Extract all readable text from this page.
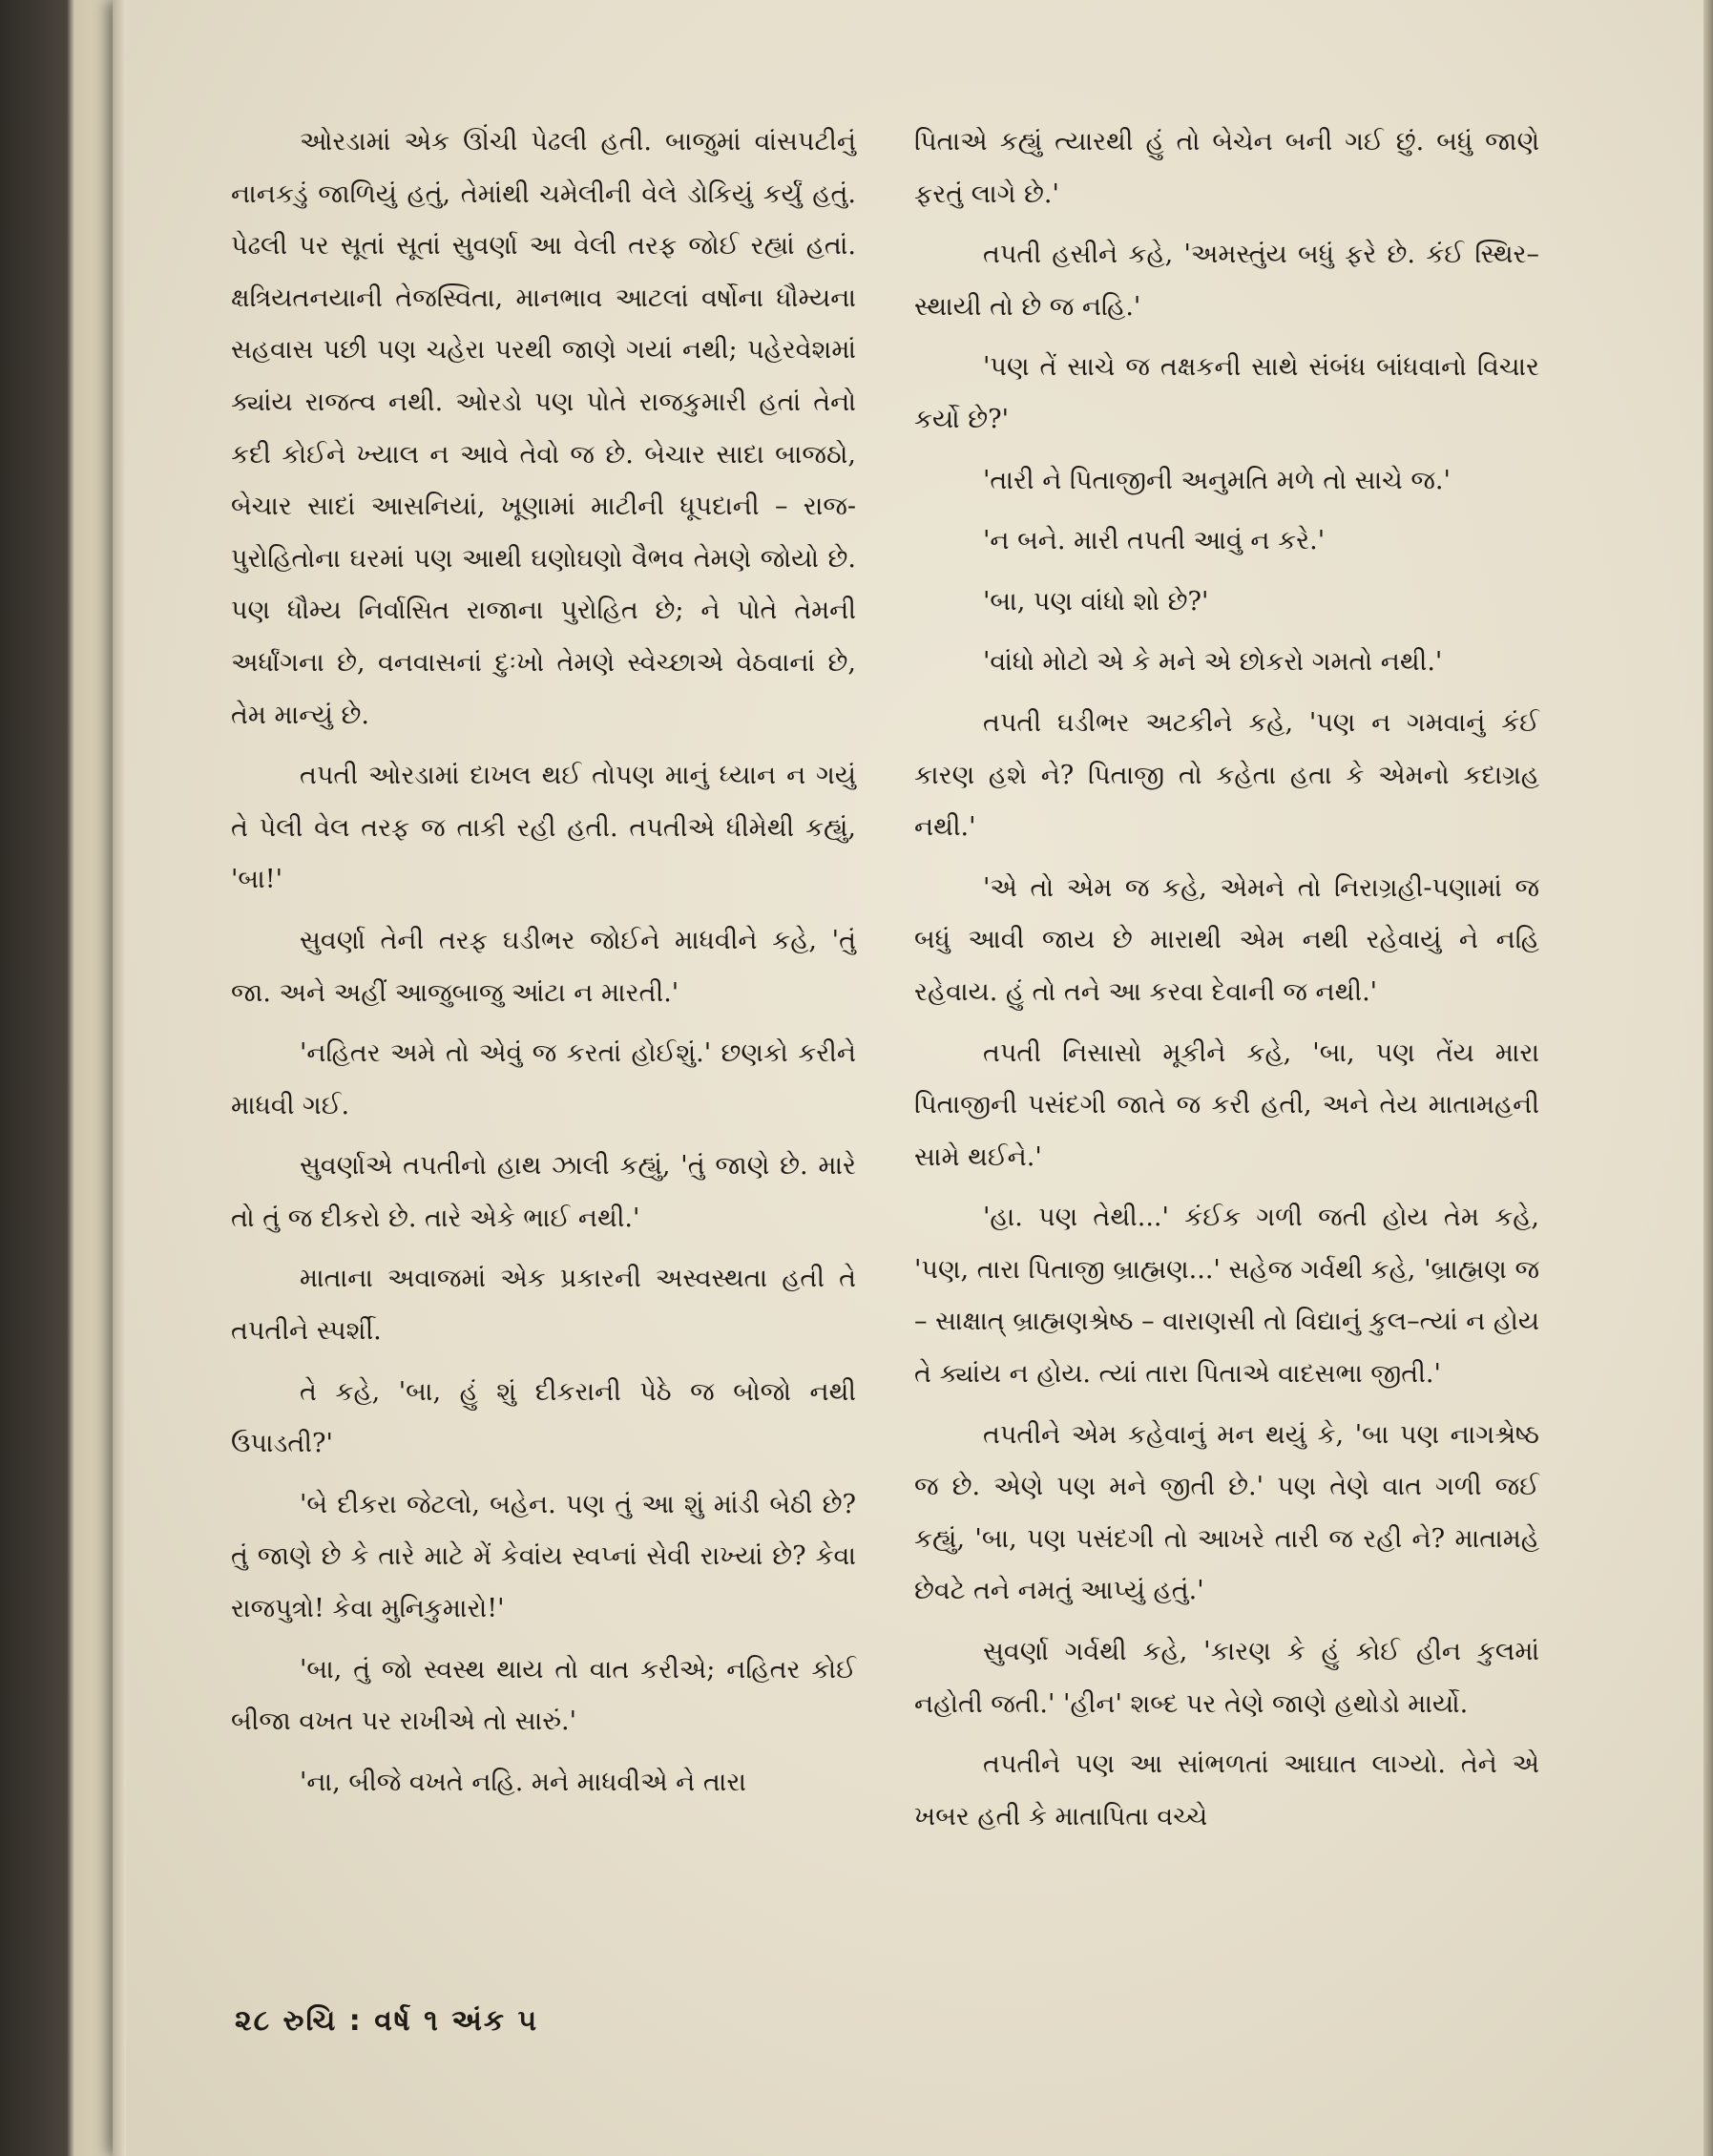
ઓરડામાં એક ઊંચી પેઢલી હતી. બાજુમાં વાંસપટીનું નાનકડું જાળિયું હતું, તેમાંથી ચમેલીની વેલે ડોકિયું કર્યું હતું. પેઢલી પર સૂતાં સૂતાં સુવર્ણા આ વેલી તરફ જોઈ રહ્યાં હતાં. ક્ષત્રિયતનયાની તેજસ્વિતા, માનભાવ આટલાં વર્ષોના ધૌમ્યના સહવાસ પછી પણ ચહેરા પરથી જાણે ગયાં નથી; પહેરવેશમાં ક્યાંય રાજત્વ નથી. ઓરડો પણ પોતે રાજકુમારી હતાં તેનો કદી કોઈને ખ્યાલ ન આવે તેવો જ છે. બેચાર સાદા બાજઠો, બેચાર સાદાં આસનિયાં, ખૂણામાં માટીની ધૂપદાની – રાજ-પુરોહિતોના ઘરમાં પણ આથી ઘણોઘણો વૈભવ તેમણે જોયો છે. પણ ધૌમ્ય નિર્વાસિત રાજાના પુરોહિત છે; ને પોતે તેમની અર્ધાંગના છે, વનવાસનાં દુઃખો તેમણે સ્વેચ્છાએ વેઠવાનાં છે, તેમ માન્યું છે.

તપતી ઓરડામાં દાખલ થઈ તોપણ માનું ધ્યાન ન ગયું તે પેલી વેલ તરફ જ તાકી રહી હતી. તપતીએ ધીમેથી કહ્યું, 'બા!'

સુવર્ણા તેની તરફ ઘડીભર જોઈને માધવીને કહે, 'તું જા. અને અહીં આજુબાજુ આંટા ન મારતી.'

'નહિતર અમે તો એવું જ કરતાં હોઈશું.' છણકો કરીને માધવી ગઈ.

સુવર્ણાએ તપતીનો હાથ ઝાલી કહ્યું, 'તું જાણે છે. મારે તો તું જ દીકરો છે. તારે એકે ભાઈ નથી.'

માતાના અવાજમાં એક પ્રકારની અસ્વસ્થતા હતી તે તપતીને સ્પર્શી.

તે કહે, 'બા, હું શું દીકરાની પેઠે જ બોજો નથી ઉપાડતી?'

'બે દીકરા જેટલો, બહેન. પણ તું આ શું માંડી બેઠી છે? તું જાણે છે કે તારે માટે મેં કેવાંય સ્વપ્નાં સેવી રાખ્યાં છે? કેવા રાજપુત્રો! કેવા મુનિકુમારો!'

'બા, તું જો સ્વસ્થ થાય તો વાત કરીએ; નહિતર કોઈ બીજા વખત પર રાખીએ તો સારું.'

'ના, બીજે વખતે નહિ. મને માધવીએ ને તારા

પિતાએ કહ્યું ત્યારથી હું તો બેચેન બની ગઈ છું. બધું જાણે ફરતું લાગે છે.'

તપતી હસીને કહે, 'અમસ્તુંય બધું ફરે છે. કંઈ સ્થિર–સ્થાયી તો છે જ નહિ.'

'પણ તેં સાચે જ તક્ષકની સાથે સંબંધ બાંધવાનો વિચાર કર્યો છે?'

'તારી ને પિતાજીની અનુમતિ મળે તો સાચે જ.'

'ન બને. મારી તપતી આવું ન કરે.'

'બા, પણ વાંધો શો છે?'

'વાંધો મોટો એ કે મને એ છોકરો ગમતો નથી.'

તપતી ઘડીભર અટકીને કહે, 'પણ ન ગમવાનું કંઈ કારણ હશે ને? પિતાજી તો કહેતા હતા કે એમનો કદાગ્રહ નથી.'

'એ તો એમ જ કહે, એમને તો નિરાગ્રહી-પણામાં જ બધું આવી જાય છે મારાથી એમ નથી રહેવાયું ને નહિ રહેવાય. હું તો તને આ કરવા દેવાની જ નથી.'

તપતી નિસાસો મૂકીને કહે, 'બા, પણ તેંય મારા પિતાજીની પસંદગી જાતે જ કરી હતી, અને તેય માતામહની સામે થઈને.'

'હા. પણ તેથી...' કંઈક ગળી જતી હોય તેમ કહે, 'પણ, તારા પિતાજી બ્રાહ્મણ...' સહેજ ગર્વથી કહે, 'બ્રાહ્મણ જ – સાક્ષાત્ બ્રાહ્મણશ્રેષ્ઠ – વારાણસી તો વિદ્યાનું કુલ–ત્યાં ન હોય તે ક્યાંય ન હોય. ત્યાં તારા પિતાએ વાદસભા જીતી.'

તપતીને એમ કહેવાનું મન થયું કે, 'બા પણ નાગશ્રેષ્ઠ જ છે. એણે પણ મને જીતી છે.' પણ તેણે વાત ગળી જઈ કહ્યું, 'બા, પણ પસંદગી તો આખરે તારી જ રહી ને? માતામહે છેવટે તને નમતું આપ્યું હતું.'

સુવર્ણા ગર્વથી કહે, 'કારણ કે હું કોઈ હીન કુલમાં નહોતી જતી.' 'હીન' શબ્દ પર તેણે જાણે હથોડો માર્યો.

તપતીને પણ આ સાંભળતાં આઘાત લાગ્યો. તેને એ ખબર હતી કે માતાપિતા વચ્ચે

૨૮ રુચિ : વર્ષ ૧ અંક ૫
